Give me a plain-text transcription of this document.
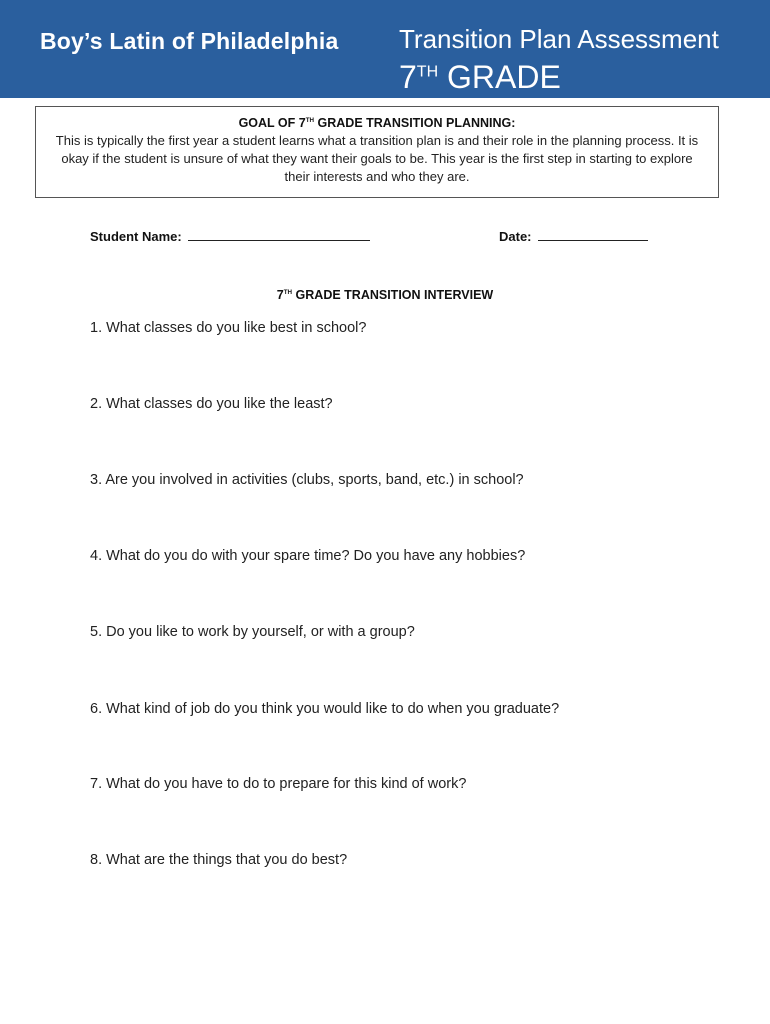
Boy’s Latin of Philadelphia Transition Plan Assessment
7TH GRADE
GOAL OF 7TH GRADE TRANSITION PLANNING:
This is typically the first year a student learns what a transition plan is and their role in the planning process. It is okay if the student is unsure of what they want their goals to be. This year is the first step in starting to explore their interests and who they are.
Student Name:	Date:
7TH GRADE TRANSITION INTERVIEW
1. What classes do you like best in school?
2. What classes do you like the least?
3. Are you involved in activities (clubs, sports, band, etc.) in school?
4. What do you do with your spare time? Do you have any hobbies?
5. Do you like to work by yourself, or with a group?
6. What kind of job do you think you would like to do when you graduate?
7. What do you have to do to prepare for this kind of work?
8. What are the things that you do best?
